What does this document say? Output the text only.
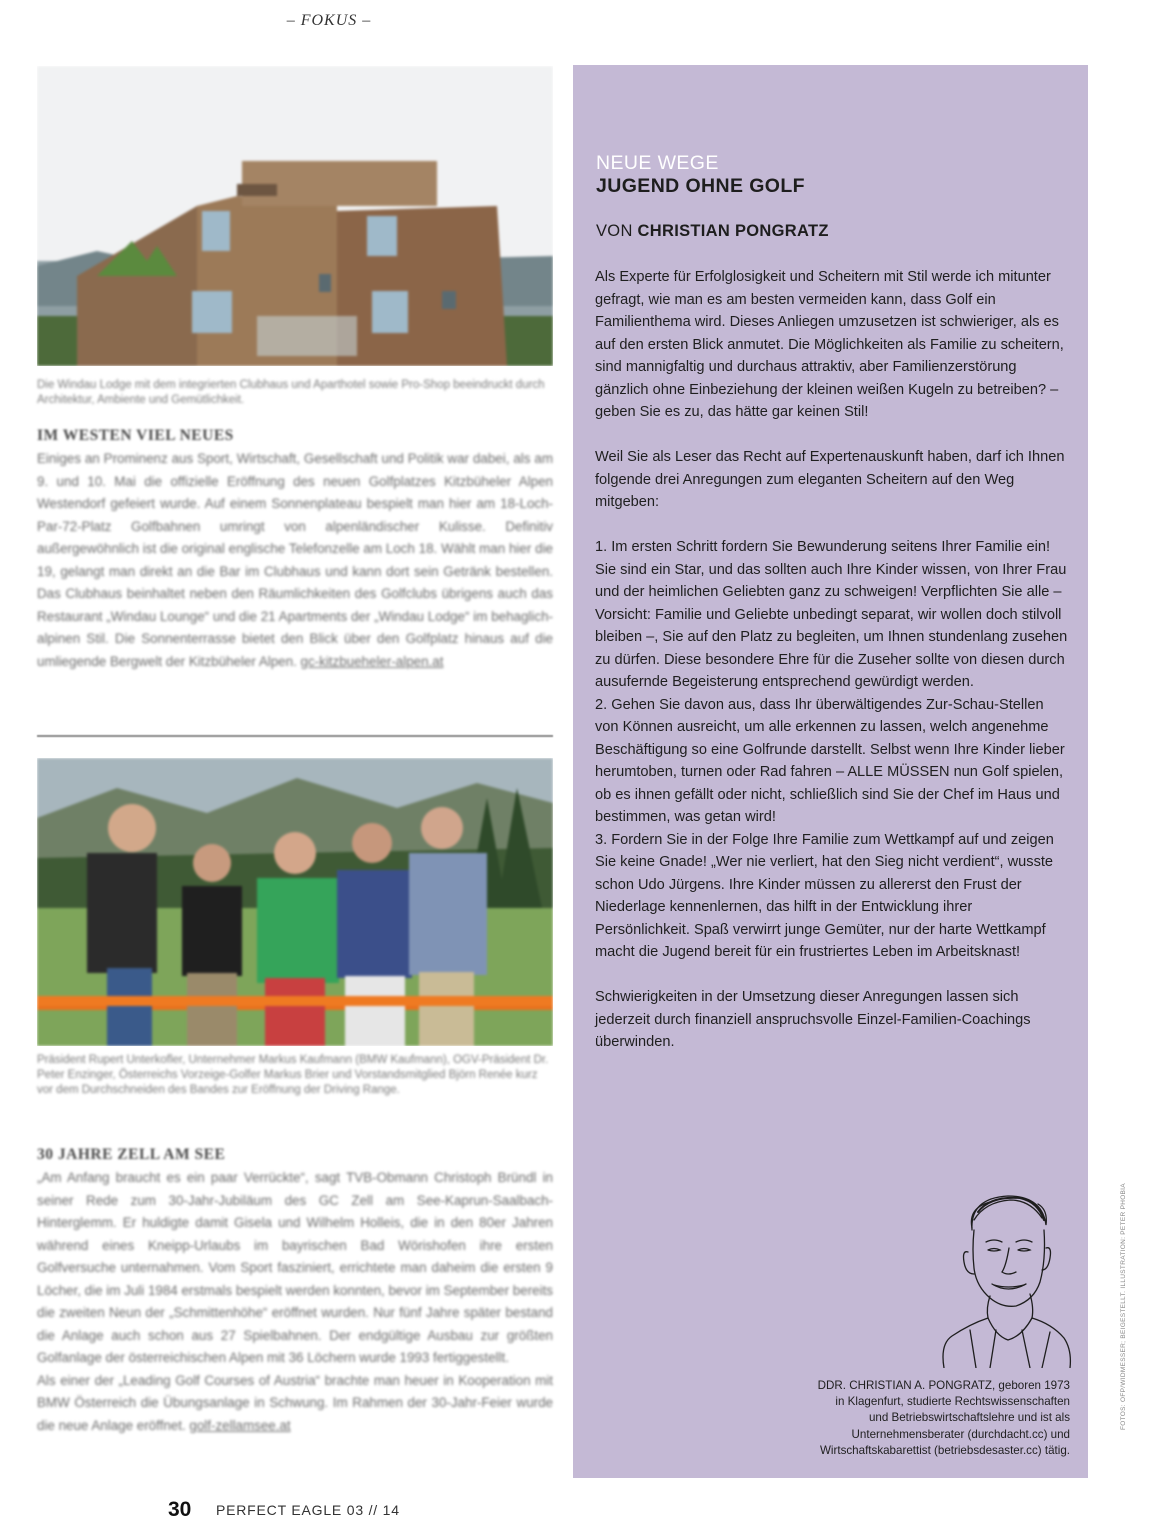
– FOKUS –
Die Windau Lodge mit dem integrierten Clubhaus und Aparthotel sowie Pro-Shop beeindruckt durch Architektur, Ambiente und Gemütlichkeit.
IM WESTEN VIEL NEUES
Einiges an Prominenz aus Sport, Wirtschaft, Gesellschaft und Politik war dabei, als am 9. und 10. Mai die offizielle Eröffnung des neuen Golfplatzes Kitzbüheler Alpen Westendorf gefeiert wurde. Auf einem Sonnenplateau bespielt man hier am 18-Loch-Par-72-Platz Golfbahnen umringt von alpenländischer Kulisse. Definitiv außergewöhnlich ist die original englische Telefonzelle am Loch 18. Wählt man hier die 19, gelangt man direkt an die Bar im Clubhaus und kann dort sein Getränk bestellen. Das Clubhaus beinhaltet neben den Räumlichkeiten des Golfclubs übrigens auch das Restaurant „Windau Lounge“ und die 21 Apartments der „Windau Lodge“ im behaglich-alpinen Stil. Die Sonnenterrasse bietet den Blick über den Golfplatz hinaus auf die umliegende Bergwelt der Kitzbüheler Alpen. gc-kitzbueheler-alpen.at
Präsident Rupert Unterkofler, Unternehmer Markus Kaufmann (BMW Kaufmann), ÖGV-Präsident Dr. Peter Enzinger, Österreichs Vorzeige-Golfer Markus Brier und Vorstandsmitglied Björn Renée kurz vor dem Durchschneiden des Bandes zur Eröffnung der Driving Range.
30 JAHRE ZELL AM SEE
„Am Anfang braucht es ein paar Verrückte“, sagt TVB-Obmann Christoph Bründl in seiner Rede zum 30-Jahr-Jubiläum des GC Zell am See-Kaprun-Saalbach-Hinterglemm. Er huldigte damit Gisela und Wilhelm Holleis, die in den 80er Jahren während eines Kneipp-Urlaubs im bayrischen Bad Wörishofen ihre ersten Golfversuche unternahmen. Vom Sport fasziniert, errichtete man daheim die ersten 9 Löcher, die im Juli 1984 erstmals bespielt werden konnten, bevor im September bereits die zweiten Neun der „Schmittenhöhe“ eröffnet wurden. Nur fünf Jahre später bestand die Anlage auch schon aus 27 Spielbahnen. Der endgültige Ausbau zur größten Golfanlage der österreichischen Alpen mit 36 Löchern wurde 1993 fertiggestellt.
Als einer der „Leading Golf Courses of Austria“ brachte man heuer in Kooperation mit BMW Österreich die Übungsanlage in Schwung. Im Rahmen der 30-Jahr-Feier wurde die neue Anlage eröffnet. golf-zellamsee.at
NEUE WEGE
JUGEND OHNE GOLF
VON CHRISTIAN PONGRATZ

Als Experte für Erfolglosigkeit und Scheitern mit Stil werde ich mitunter gefragt, wie man es am besten vermeiden kann, dass Golf ein Familienthema wird. Dieses Anliegen umzusetzen ist schwieriger, als es auf den ersten Blick anmutet. Die Möglichkeiten als Familie zu scheitern, sind mannigfaltig und durchaus attraktiv, aber Familienzerstörung gänzlich ohne Einbeziehung der kleinen weißen Kugeln zu betreiben? – geben Sie es zu, das hätte gar keinen Stil!

Weil Sie als Leser das Recht auf Expertenauskunft haben, darf ich Ihnen folgende drei Anregungen zum eleganten Scheitern auf den Weg mitgeben:

1. Im ersten Schritt fordern Sie Bewunderung seitens Ihrer Familie ein! Sie sind ein Star, und das sollten auch Ihre Kinder wissen, von Ihrer Frau und der heimlichen Geliebten ganz zu schweigen! Verpflichten Sie alle – Vorsicht: Familie und Geliebte unbedingt separat, wir wollen doch stilvoll bleiben –, Sie auf den Platz zu begleiten, um Ihnen stundenlang zusehen zu dürfen. Diese besondere Ehre für die Zuseher sollte von diesen durch ausufernde Begeisterung entsprechend gewürdigt werden.

2. Gehen Sie davon aus, dass Ihr überwältigendes Zur-Schau-Stellen von Können ausreicht, um alle erkennen zu lassen, welch angenehme Beschäftigung so eine Golfrunde darstellt. Selbst wenn Ihre Kinder lieber herumtoben, turnen oder Rad fahren – ALLE MÜSSEN nun Golf spielen, ob es ihnen gefällt oder nicht, schließlich sind Sie der Chef im Haus und bestimmen, was getan wird!

3. Fordern Sie in der Folge Ihre Familie zum Wettkampf auf und zeigen Sie keine Gnade! „Wer nie verliert, hat den Sieg nicht verdient“, wusste schon Udo Jürgens. Ihre Kinder müssen zu allererst den Frust der Niederlage kennenlernen, das hilft in der Entwicklung ihrer Persönlichkeit. Spaß verwirrt junge Gemüter, nur der harte Wettkampf macht die Jugend bereit für ein frustriertes Leben im Arbeitsknast!

Schwierigkeiten in der Umsetzung dieser Anregungen lassen sich jederzeit durch finanziell anspruchsvolle Einzel-Familien-Coachings überwinden.

DDR. CHRISTIAN A. PONGRATZ, geboren 1973
in Klagenfurt, studierte Rechtswissenschaften
und Betriebswirtschaftslehre und ist als
Unternehmensberater (durchdacht.cc) und
Wirtschaftskabarettist (betriebsdesaster.cc) tätig.
FOTOS: OFP/WIDMESSER; BEIGESTELLT. ILLUSTRATION: PETER PHOBIA
30 PERFECT EAGLE 03 // 14
